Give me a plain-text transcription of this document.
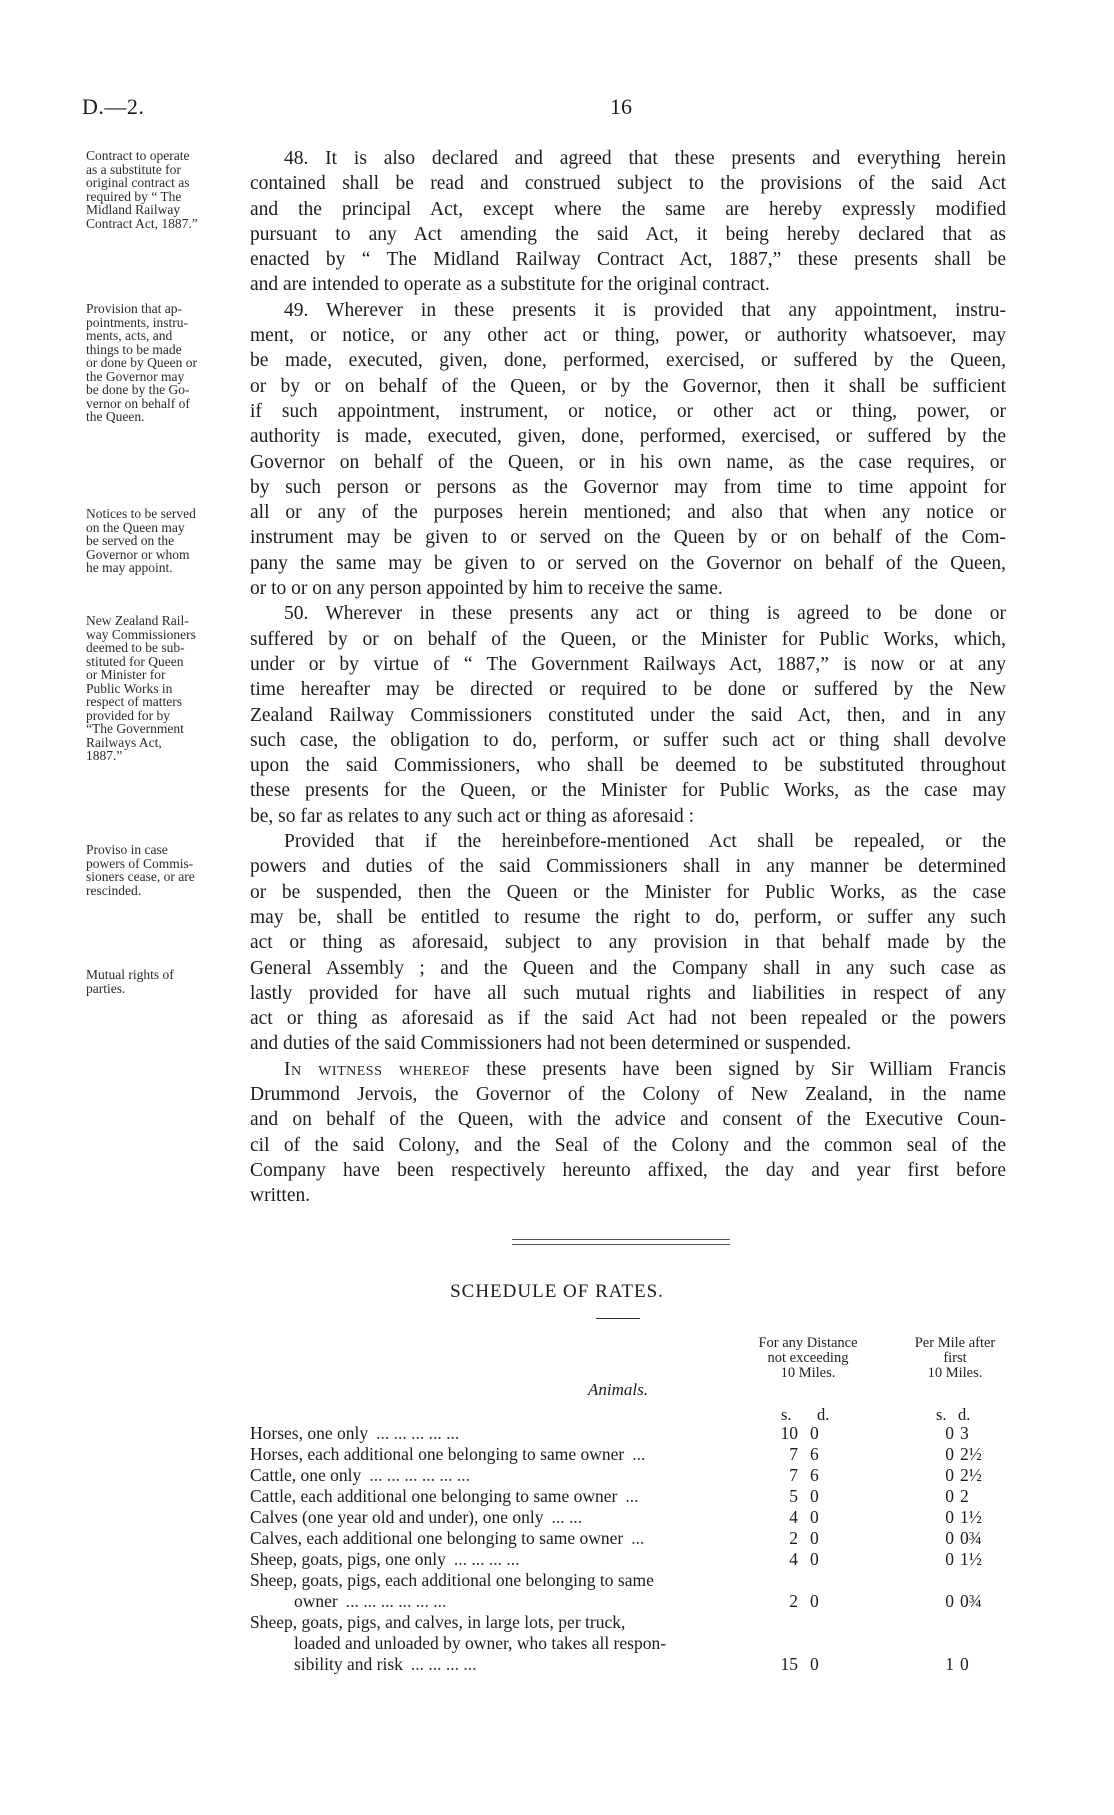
D.—2.	16
Contract to operate
as a substitute for
original contract as
required by “ The
Midland Railway
Contract Act, 1887.”
Provision that ap-
pointments, instru-
ments, acts, and
things to be made
or done by Queen or
the Governor may
be done by the Go-
vernor on behalf of
the Queen.
Notices to be served
on the Queen may
be served on the
Governor or whom
he may appoint.
New Zealand Rail-
way Commissioners
deemed to be sub-
stituted for Queen
or Minister for
Public Works in
respect of matters
provided for by
“The Government
Railways Act,
1887.”
Proviso in case
powers of Commis-
sioners cease, or are
rescinded.
Mutual rights of
parties.
48. It is also declared and agreed that these presents and everything herein
contained shall be read and construed subject to the provisions of the said Act
and the principal Act, except where the same are hereby expressly modified
pursuant to any Act amending the said Act, it being hereby declared that as
enacted by “ The Midland Railway Contract Act, 1887,” these presents shall be
and are intended to operate as a substitute for the original contract.
49. Wherever in these presents it is provided that any appointment, instru-
ment, or notice, or any other act or thing, power, or authority whatsoever, may
be made, executed, given, done, performed, exercised, or suffered by the Queen,
or by or on behalf of the Queen, or by the Governor, then it shall be sufficient
if such appointment, instrument, or notice, or other act or thing, power, or
authority is made, executed, given, done, performed, exercised, or suffered by the
Governor on behalf of the Queen, or in his own name, as the case requires, or
by such person or persons as the Governor may from time to time appoint for
all or any of the purposes herein mentioned; and also that when any notice or
instrument may be given to or served on the Queen by or on behalf of the Com-
pany the same may be given to or served on the Governor on behalf of the Queen,
or to or on any person appointed by him to receive the same.
50. Wherever in these presents any act or thing is agreed to be done or
suffered by or on behalf of the Queen, or the Minister for Public Works, which,
under or by virtue of “ The Government Railways Act, 1887,” is now or at any
time hereafter may be directed or required to be done or suffered by the New
Zealand Railway Commissioners constituted under the said Act, then, and in any
such case, the obligation to do, perform, or suffer such act or thing shall devolve
upon the said Commissioners, who shall be deemed to be substituted throughout
these presents for the Queen, or the Minister for Public Works, as the case may
be, so far as relates to any such act or thing as aforesaid :
Provided that if the hereinbefore-mentioned Act shall be repealed, or the
powers and duties of the said Commissioners shall in any manner be determined
or be suspended, then the Queen or the Minister for Public Works, as the case
may be, shall be entitled to resume the right to do, perform, or suffer any such
act or thing as aforesaid, subject to any provision in that behalf made by the
General Assembly ; and the Queen and the Company shall in any such case as
lastly provided for have all such mutual rights and liabilities in respect of any
act or thing as aforesaid as if the said Act had not been repealed or the powers
and duties of the said Commissioners had not been determined or suspended.
In witness whereof these presents have been signed by Sir William Francis
Drummond Jervois, the Governor of the Colony of New Zealand, in the name
and on behalf of the Queen, with the advice and consent of the Executive Coun-
cil of the said Colony, and the Seal of the Colony and the common seal of the
Company have been respectively hereunto affixed, the day and year first before
written.
SCHEDULE OF RATES.
For any Distance
not exceeding
10 Miles.
Per Mile after
first
10 Miles.
Animals.
s. d.	s. d.
Horses, one only ... ... ... ... ...	10 0	0 3
Horses, each additional one belonging to same owner ...	7 6	0 2½
Cattle, one only ... ... ... ... ... ...	7 6	0 2½
Cattle, each additional one belonging to same owner ...	5 0	0 2
Calves (one year old and under), one only ... ...	4 0	0 1½
Calves, each additional one belonging to same owner ...	2 0	0 0¾
Sheep, goats, pigs, one only ... ... ... ...	4 0	0 1½
Sheep, goats, pigs, each additional one belonging to same
owner ... ... ... ... ... ...	2 0	0 0¾
Sheep, goats, pigs, and calves, in large lots, per truck,
loaded and unloaded by owner, who takes all respon-
sibility and risk ... ... ... ...	15 0	1 0
